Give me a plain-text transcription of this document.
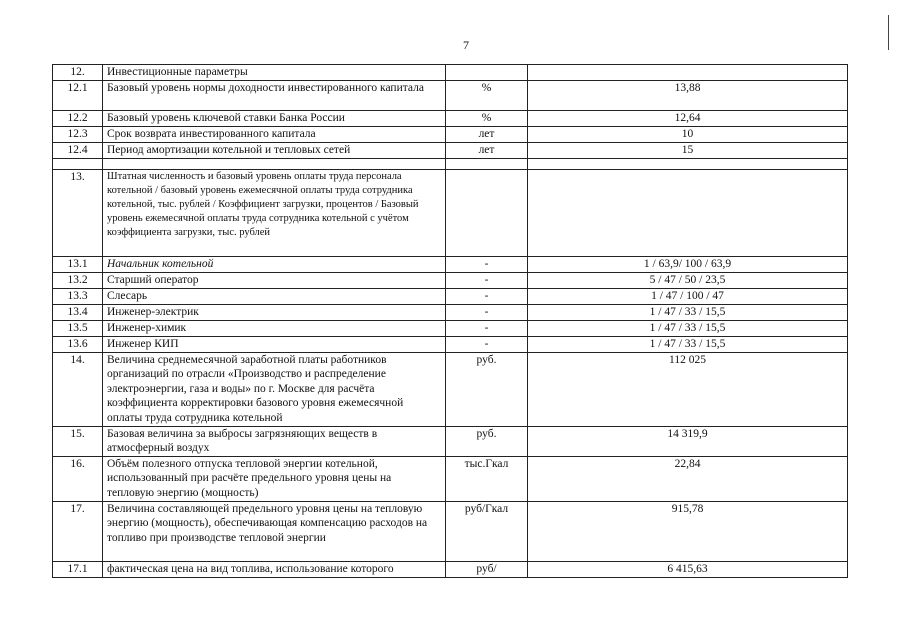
7
12.	Инвестиционные параметры		
12.1	Базовый уровень нормы доходности инвестированного капитала	%	13,88
12.2	Базовый уровень ключевой ставки Банка России	%	12,64
12.3	Срок возврата инвестированного капитала	лет	10
12.4	Период амортизации котельной и тепловых сетей	лет	15

13.	Штатная численность и базовый уровень оплаты труда персонала котельной / базовый уровень ежемесячной оплаты труда сотрудника котельной, тыс. рублей / Коэффициент загрузки, процентов / Базовый уровень ежемесячной оплаты труда сотрудника котельной с учётом коэффициента загрузки, тыс. рублей		
13.1	Начальник котельной	-	1 / 63,9/ 100 / 63,9
13.2	Старший оператор	-	5 / 47 / 50 / 23,5
13.3	Слесарь	-	1 / 47 / 100 / 47
13.4	Инженер-электрик	-	1 / 47 / 33 / 15,5
13.5	Инженер-химик	-	1 / 47 / 33 / 15,5
13.6	Инженер КИП	-	1 / 47 / 33 / 15,5
14.	Величина среднемесячной заработной платы работников организаций по отрасли «Производство и распределение электроэнергии, газа и воды» по г. Москве для расчёта коэффициента корректировки базового уровня ежемесячной оплаты труда сотрудника котельной	руб.	112 025
15.	Базовая величина за выбросы загрязняющих веществ в атмосферный воздух	руб.	14 319,9
16.	Объём полезного отпуска тепловой энергии котельной, использованный при расчёте предельного уровня цены на тепловую энергию (мощность)	тыс.Гкал	22,84
17.	Величина составляющей предельного уровня цены на тепловую энергию (мощность), обеспечивающая компенсацию расходов на топливо при производстве тепловой энергии	руб/Гкал	915,78
17.1	фактическая цена на вид топлива, использование которого	руб/	6 415,63
